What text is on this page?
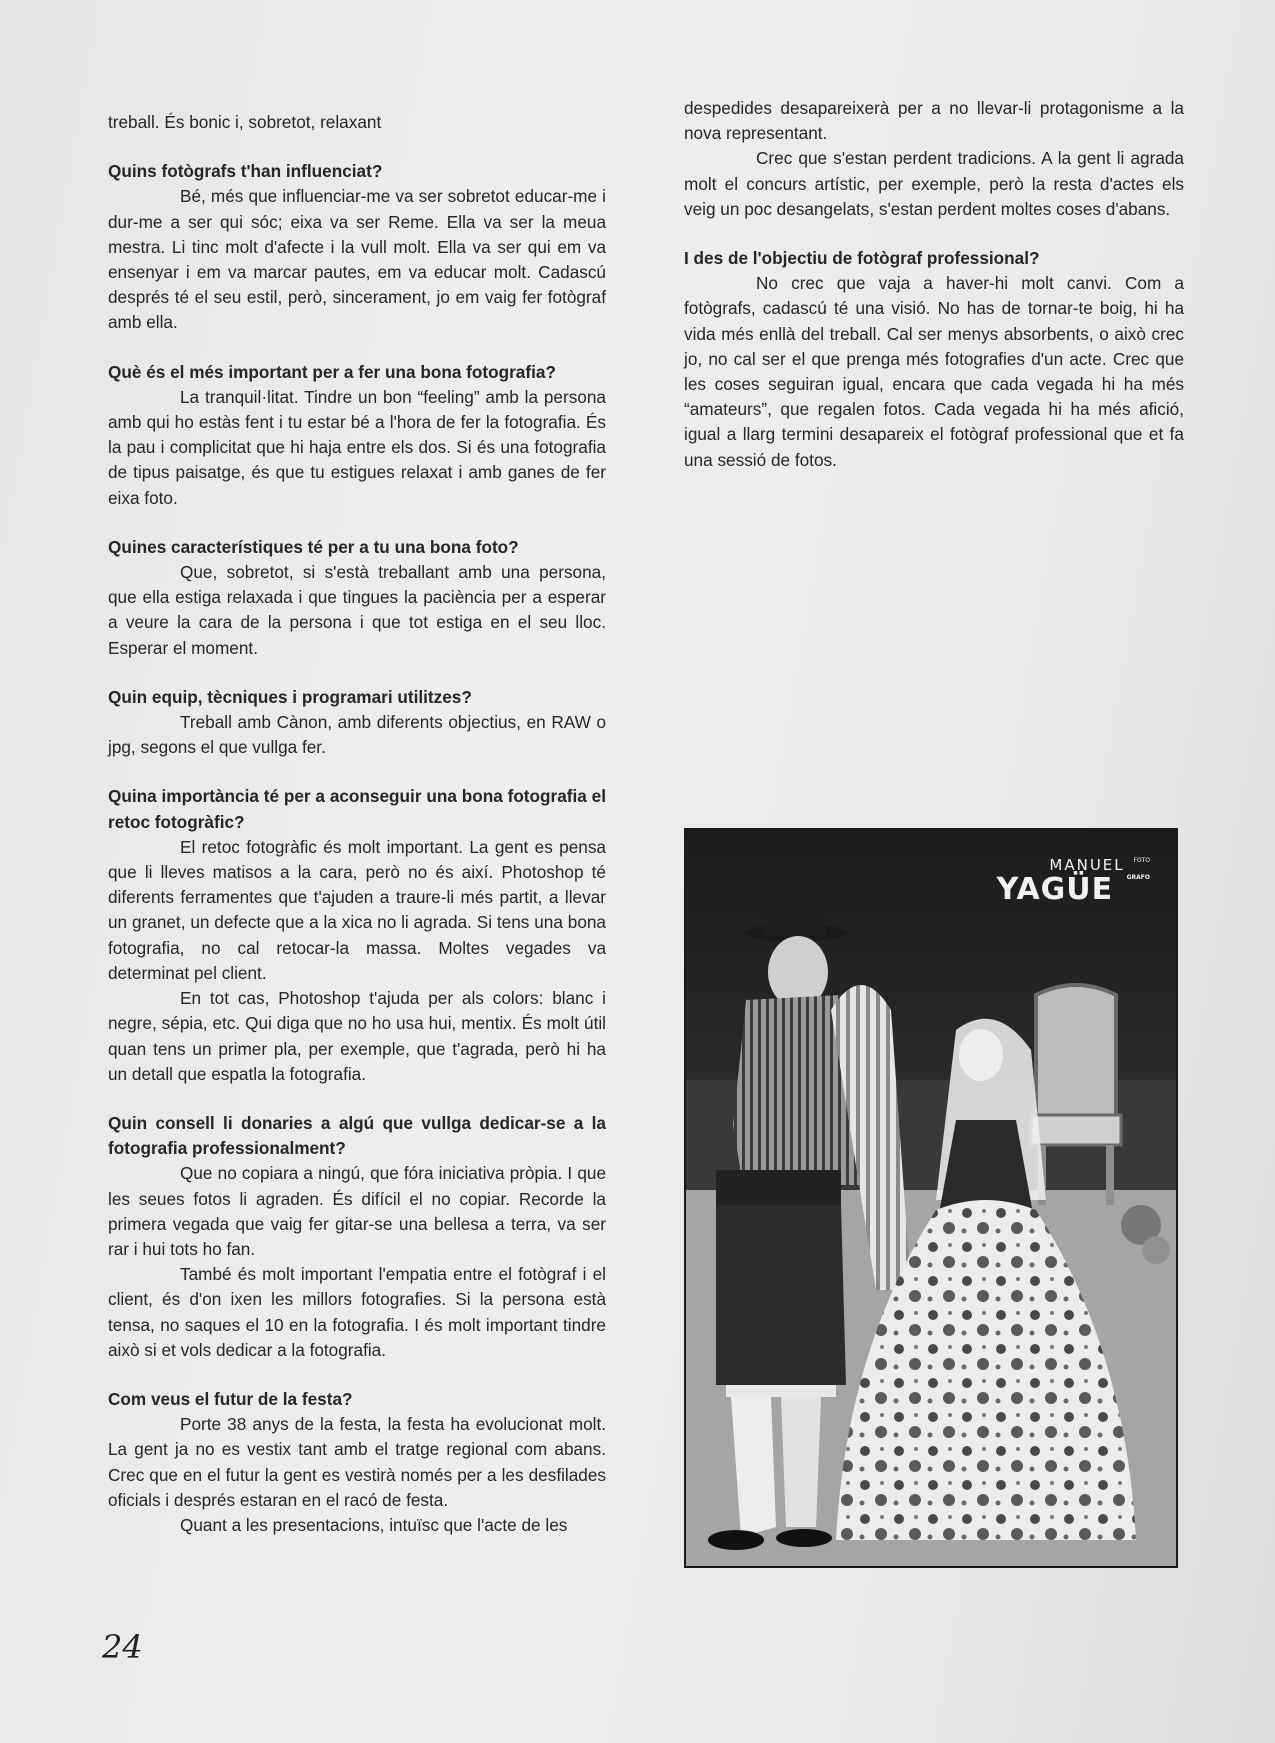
treball. És bonic i, sobretot, relaxant

Quins fotògrafs t'han influenciat?

Bé, més que influenciar-me va ser sobretot educar-me i dur-me a ser qui sóc; eixa va ser Reme. Ella va ser la meua mestra. Li tinc molt d'afecte i la vull molt. Ella va ser qui em va ensenyar i em va marcar pautes, em va educar molt. Cadascú després té el seu estil, però, sincerament, jo em vaig fer fotògraf amb ella.

Què és el més important per a fer una bona fotografia?

La tranquil·litat. Tindre un bon “feeling” amb la persona amb qui ho estàs fent i tu estar bé a l'hora de fer la fotografia. És la pau i complicitat que hi haja entre els dos. Si és una fotografia de tipus paisatge, és que tu estigues relaxat i amb ganes de fer eixa foto.

Quines característiques té per a tu una bona foto?

Que, sobretot, si s'està treballant amb una persona, que ella estiga relaxada i que tingues la paciència per a esperar a veure la cara de la persona i que tot estiga en el seu lloc. Esperar el moment.

Quin equip, tècniques i programari utilitzes?

Treball amb Cànon, amb diferents objectius, en RAW o jpg, segons el que vullga fer.

Quina importància té per a aconseguir una bona fotografia el retoc fotogràfic?

El retoc fotogràfic és molt important. La gent es pensa que li lleves matisos a la cara, però no és així. Photoshop té diferents ferramentes que t'ajuden a traure-li més partit, a llevar un granet, un defecte que a la xica no li agrada. Si tens una bona fotografia, no cal retocar-la massa. Moltes vegades va determinat pel client.

En tot cas, Photoshop t'ajuda per als colors: blanc i negre, sépia, etc. Qui diga que no ho usa hui, mentix. És molt útil quan tens un primer pla, per exemple, que t'agrada, però hi ha un detall que espatla la fotografia.

Quin consell li donaries a algú que vullga dedicar-se a la fotografia professionalment?

Que no copiara a ningú, que fóra iniciativa pròpia. I que les seues fotos li agraden. És difícil el no copiar. Recorde la primera vegada que vaig fer gitar-se una bellesa a terra, va ser rar i hui tots ho fan.

També és molt important l'empatia entre el fotògraf i el client, és d'on ixen les millors fotografies. Si la persona està tensa, no saques el 10 en la fotografia. I és molt important tindre això si et vols dedicar a la fotografia.

Com veus el futur de la festa?

Porte 38 anys de la festa, la festa ha evolucionat molt. La gent ja no es vestix tant amb el tratge regional com abans. Crec que en el futur la gent es vestirà només per a les desfilades oficials i després estaran en el racó de festa.

Quant a les presentacions, intuïsc que l'acte de les

despedides desapareixerà per a no llevar-li protagonisme a la nova representant.

Crec que s'estan perdent tradicions. A la gent li agrada molt el concurs artístic, per exemple, però la resta d'actes els veig un poc desangelats, s'estan perdent moltes coses d'abans.

I des de l'objectiu de fotògraf professional?

No crec que vaja a haver-hi molt canvi. Com a fotògrafs, cadascú té una visió. No has de tornar-te boig, hi ha vida més enllà del treball. Cal ser menys absorbents, o això crec jo, no cal ser el que prenga més fotografies d'un acte. Crec que les coses seguiran igual, encara que cada vegada hi ha més “amateurs”, que regalen fotos. Cada vegada hi ha més afició, igual a llarg termini desapareix el fotògraf professional que et fa una sessió de fotos.

MANUEL $^{FOTO}$
YAGÜE $^{GRAFO}$
24
